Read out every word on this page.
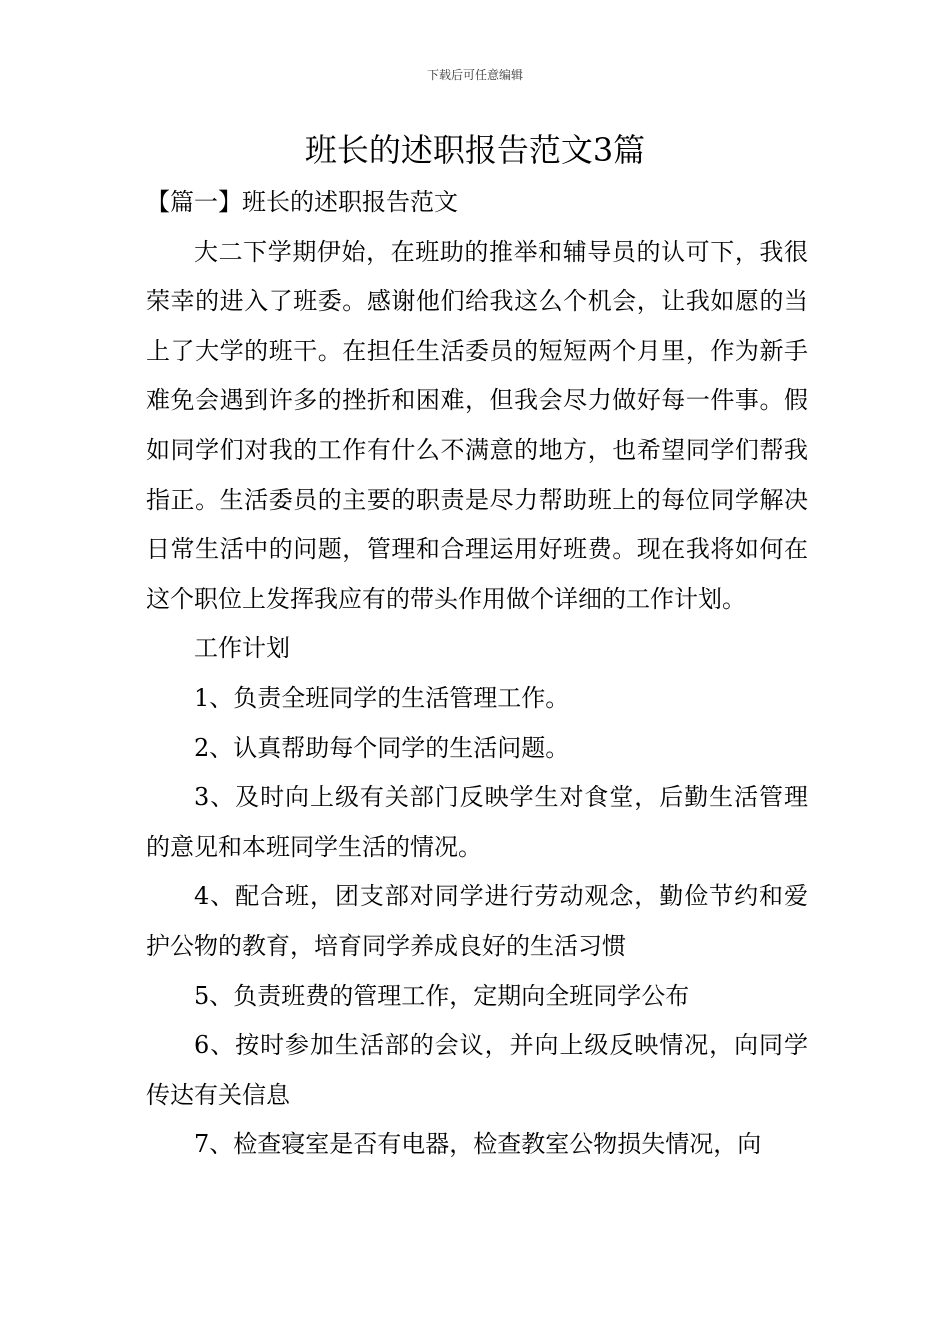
下载后可任意编辑
班长的述职报告范文3篇

【篇一】班长的述职报告范文

大二下学期伊始，在班助的推举和辅导员的认可下，我很荣幸的进入了班委。感谢他们给我这么个机会，让我如愿的当上了大学的班干。在担任生活委员的短短两个月里，作为新手难免会遇到许多的挫折和困难，但我会尽力做好每一件事。假如同学们对我的工作有什么不满意的地方，也希望同学们帮我指正。生活委员的主要的职责是尽力帮助班上的每位同学解决日常生活中的问题，管理和合理运用好班费。现在我将如何在这个职位上发挥我应有的带头作用做个详细的工作计划。

工作计划

1、负责全班同学的生活管理工作。

2、认真帮助每个同学的生活问题。

3、及时向上级有关部门反映学生对食堂，后勤生活管理的意见和本班同学生活的情况。

4、配合班，团支部对同学进行劳动观念，勤俭节约和爱护公物的教育，培育同学养成良好的生活习惯

5、负责班费的管理工作，定期向全班同学公布

6、按时参加生活部的会议，并向上级反映情况，向同学传达有关信息

7、检查寝室是否有电器，检查教室公物损失情况，向
